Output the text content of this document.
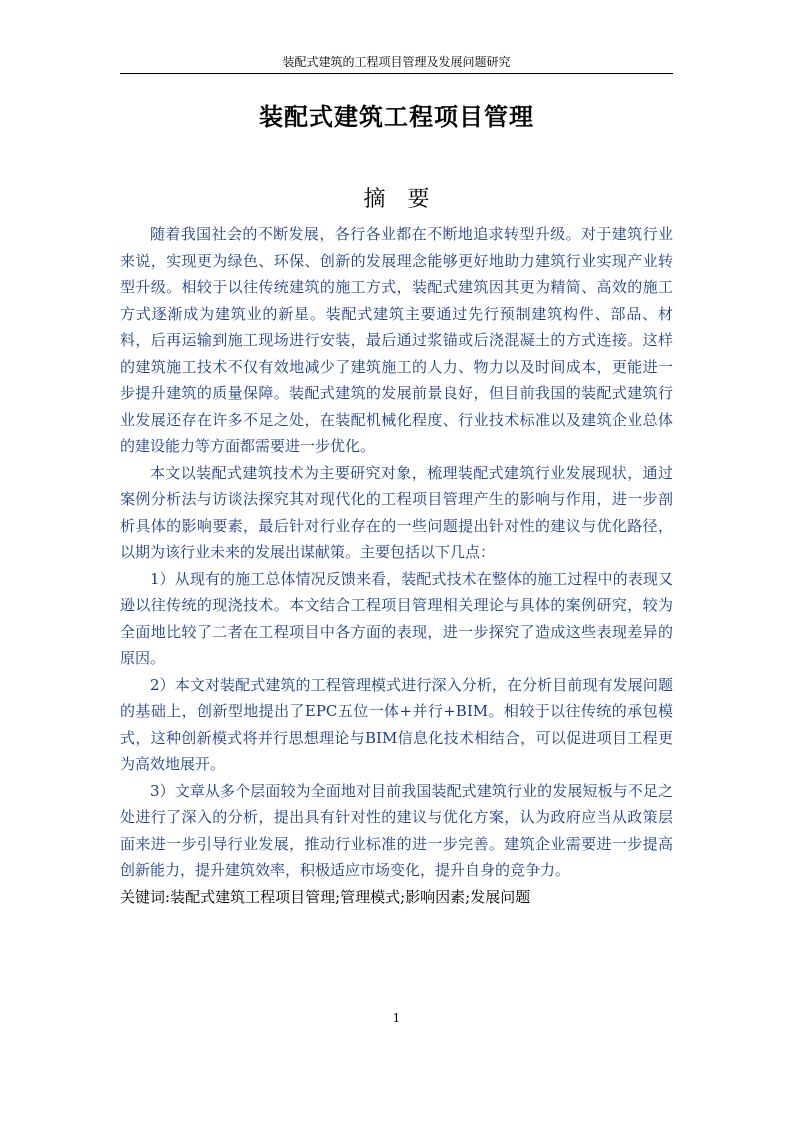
装配式建筑的工程项目管理及发展问题研究
装配式建筑工程项目管理
摘要

随着我国社会的不断发展，各行各业都在不断地追求转型升级。对于建筑行业来说，实现更为绿色、环保、创新的发展理念能够更好地助力建筑行业实现产业转型升级。相较于以往传统建筑的施工方式，装配式建筑因其更为精简、高效的施工方式逐渐成为建筑业的新星。装配式建筑主要通过先行预制建筑构件、部品、材料，后再运输到施工现场进行安装，最后通过浆锚或后浇混凝土的方式连接。这样的建筑施工技术不仅有效地减少了建筑施工的人力、物力以及时间成本，更能进一步提升建筑的质量保障。装配式建筑的发展前景良好，但目前我国的装配式建筑行业发展还存在许多不足之处，在装配机械化程度、行业技术标准以及建筑企业总体的建设能力等方面都需要进一步优化。

本文以装配式建筑技术为主要研究对象，梳理装配式建筑行业发展现状，通过案例分析法与访谈法探究其对现代化的工程项目管理产生的影响与作用，进一步剖析具体的影响要素，最后针对行业存在的一些问题提出针对性的建议与优化路径，以期为该行业未来的发展出谋献策。主要包括以下几点：

1）从现有的施工总体情况反馈来看，装配式技术在整体的施工过程中的表现又逊以往传统的现浇技术。本文结合工程项目管理相关理论与具体的案例研究，较为全面地比较了二者在工程项目中各方面的表现，进一步探究了造成这些表现差异的原因。

2）本文对装配式建筑的工程管理模式进行深入分析，在分析目前现有发展问题的基础上，创新型地提出了EPC五位一体+并行+BIM。相较于以往传统的承包模式，这种创新模式将并行思想理论与BIM信息化技术相结合，可以促进项目工程更为高效地展开。

3）文章从多个层面较为全面地对目前我国装配式建筑行业的发展短板与不足之处进行了深入的分析，提出具有针对性的建议与优化方案，认为政府应当从政策层面来进一步引导行业发展，推动行业标准的进一步完善。建筑企业需要进一步提高创新能力，提升建筑效率，积极适应市场变化，提升自身的竞争力。

关键词:装配式建筑工程项目管理;管理模式;影响因素;发展问题

1
